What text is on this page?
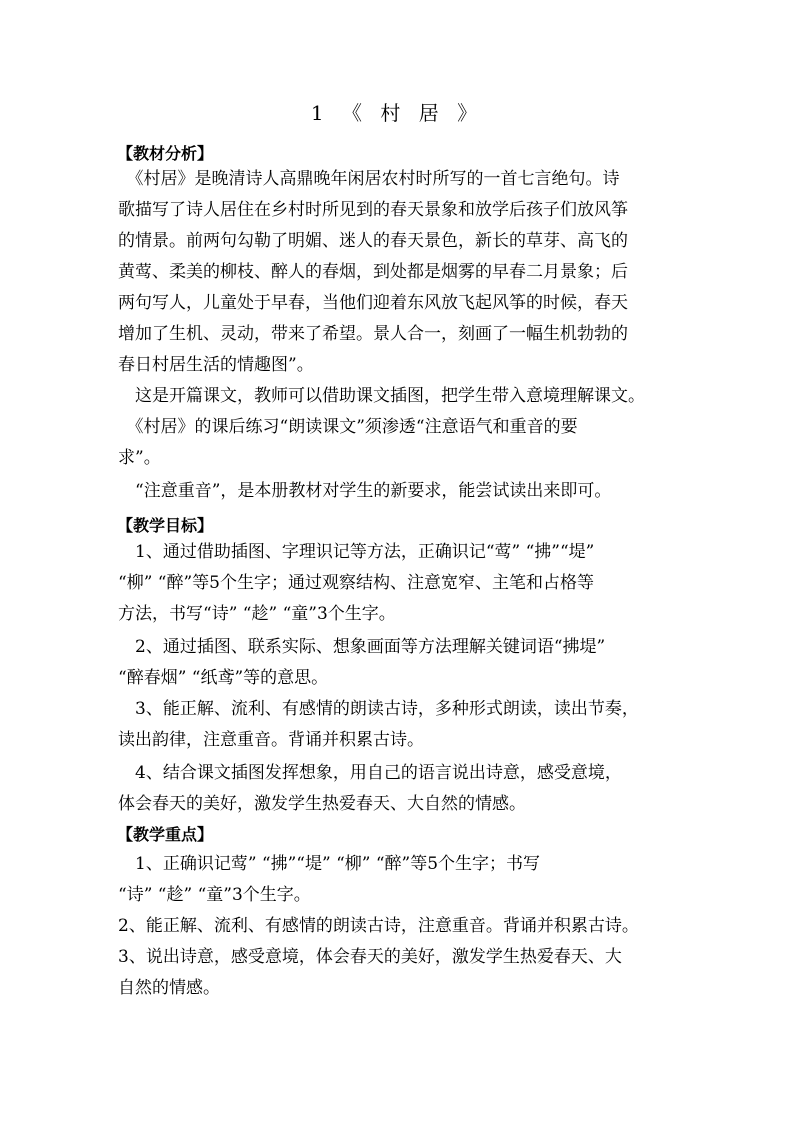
1 《 村 居 》
【教材分析】
　《村居》是晚清诗人高鼎晚年闲居农村时所写的一首七言绝句。诗
歌描写了诗人居住在乡村时所见到的春天景象和放学后孩子们放风筝
的情景。前两句勾勒了明媚、迷人的春天景色，新长的草芽、高飞的
黄莺、柔美的柳枝、醉人的春烟，到处都是烟雾的早春二月景象；后
两句写人，儿童处于早春，当他们迎着东风放飞起风筝的时候，春天
增加了生机、灵动，带来了希望。景人合一，刻画了一幅生机勃勃的
春日村居生活的情趣图”。
　这是开篇课文，教师可以借助课文插图，把学生带入意境理解课文。
　《村居》的课后练习“朗读课文”须渗透“注意语气和重音的要
求”。
　“注意重音”，是本册教材对学生的新要求，能尝试读出来即可。
【教学目标】
　1、通过借助插图、字理识记等方法，正确识记“莺” “拂”“堤”
“柳” “醉”等5个生字；通过观察结构、注意宽窄、主笔和占格等
方法，书写“诗” “趁” “童”3个生字。
　2、通过插图、联系实际、想象画面等方法理解关键词语“拂堤”
“醉春烟” “纸鸢”等的意思。
　3、能正解、流利、有感情的朗读古诗，多种形式朗读，读出节奏，
读出韵律，注意重音。背诵并积累古诗。
　4、结合课文插图发挥想象，用自己的语言说出诗意，感受意境，
体会春天的美好，激发学生热爱春天、大自然的情感。
【教学重点】
　1、正确识记莺” “拂”“堤” “柳” “醉”等5个生字；书写
“诗” “趁” “童”3个生字。
2、能正解、流利、有感情的朗读古诗，注意重音。背诵并积累古诗。
3、说出诗意，感受意境，体会春天的美好，激发学生热爱春天、大
自然的情感。
